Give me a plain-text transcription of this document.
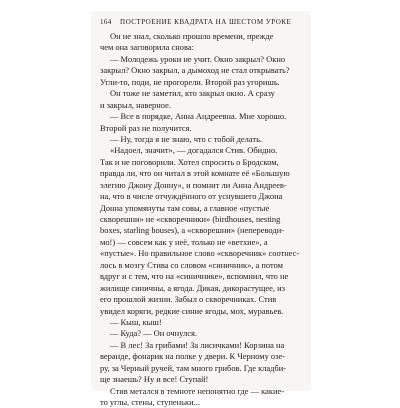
164 ПОСТРОЕНИЕ КВАДРАТА НА ШЕСТОМ УРОКЕ
Он не знал, сколько прошло времени, прежде
чем она заговорила снова:
— Молодежь уроки не учит. Окно закрыл? Окно
закрыл? Окно закрыл, а дымоход не стал открывать?
Угли-то, поди, не прогорели. Второй раз угоришь.
Он тоже не заметил, кто закрыл окно. А сразу
и закрыл, наверное.
— Все в порядке, Анна Андреевна. Мне хорошо.
Второй раз не получится.
— Ну, тогда я не знаю, что с тобой делать.
«Надоел, значит», — догадался Стив. Обидно.
Так и не поговорили. Хотел спросить о Бродском,
правда ли, что он читал в этой комнате её «Большую
элегию Джону Донну», и помнит ли Анна Андреев-
на, что в числе отчуждённого от уснувшего Джона
Донна упомянуты там совы, а главное «пустые
скворешни» не «скворечники» (birdhouses, nesting
boxes, starling houses), а «скворешни» (непереводи-
мо!) — совсем как у неё, только не «ветхие», а
«пустые». Но правильное слово «скворечник» соотнес-
лось в мозгу Стива со словом «синичник», а потом
вдруг и с тем, что на «синичнике», вспомнил, что не
жилище синичны, а ягода. Дикая, дикорастущее, из
его прошлой жизни. Забыл о скворечниках. Стив
увидел коряги, редкие синие ягоды, мох, муравьев.
— Кыш, кыш!
— Куда? — Он очнулся.
— В лес! За грибами! За лисичками! Корзина на
веранде, фонарик на полке у двери. К Черному озе-
ру, за Черный ручей, там много грибов. Где кладби-
ще знаешь? Ну и все! Ступай!
Стив метался в темноте непонятно где — какие-
то углы, стены, ступеньки...
